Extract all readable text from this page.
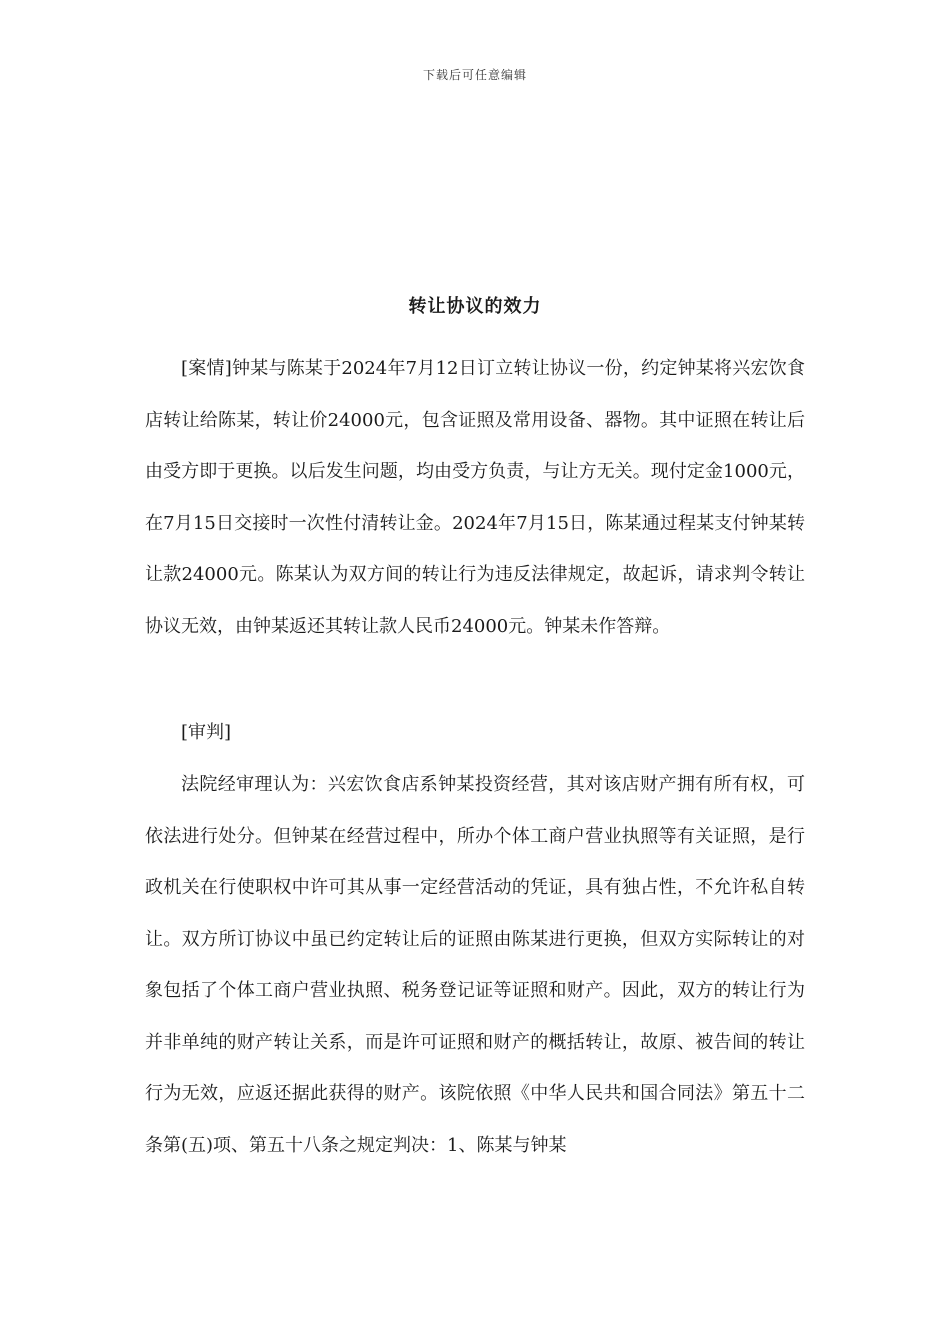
下载后可任意编辑
转让协议的效力

[案情]钟某与陈某于2024年7月12日订立转让协议一份，约定钟某将兴宏饮食店转让给陈某，转让价24000元，包含证照及常用设备、器物。其中证照在转让后由受方即于更换。以后发生问题，均由受方负责，与让方无关。现付定金1000元，在7月15日交接时一次性付清转让金。2024年7月15日，陈某通过程某支付钟某转让款24000元。陈某认为双方间的转让行为违反法律规定，故起诉，请求判令转让协议无效，由钟某返还其转让款人民币24000元。钟某未作答辩。

[审判]

法院经审理认为：兴宏饮食店系钟某投资经营，其对该店财产拥有所有权，可依法进行处分。但钟某在经营过程中，所办个体工商户营业执照等有关证照，是行政机关在行使职权中许可其从事一定经营活动的凭证，具有独占性，不允许私自转让。双方所订协议中虽已约定转让后的证照由陈某进行更换，但双方实际转让的对象包括了个体工商户营业执照、税务登记证等证照和财产。因此，双方的转让行为并非单纯的财产转让关系，而是许可证照和财产的概括转让，故原、被告间的转让行为无效，应返还据此获得的财产。该院依照《中华人民共和国合同法》第五十二条第(五)项、第五十八条之规定判决：1、陈某与钟某
